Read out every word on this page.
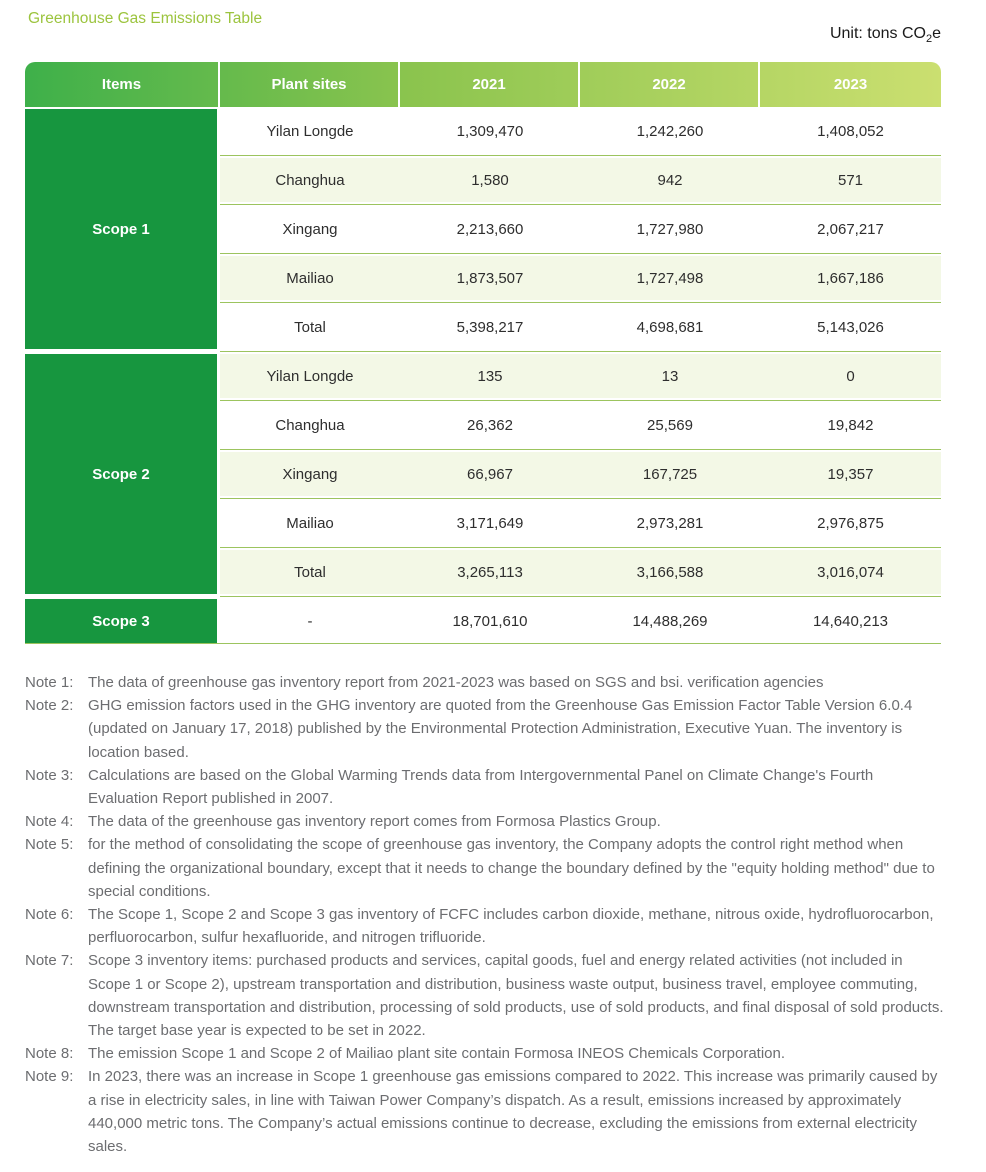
Greenhouse Gas Emissions Table
Unit: tons $CO_2e$
Items	Plant sites	2021	2022	2023
Scope 1
Yilan Longde	1,309,470	1,242,260	1,408,052
Changhua	1,580	942	571
Xingang	2,213,660	1,727,980	2,067,217
Mailiao	1,873,507	1,727,498	1,667,186
Total	5,398,217	4,698,681	5,143,026
Scope 2
Yilan Longde	135	13	0
Changhua	26,362	25,569	19,842
Xingang	66,967	167,725	19,357
Mailiao	3,171,649	2,973,281	2,976,875
Total	3,265,113	3,166,588	3,016,074
Scope 3	-	18,701,610	14,488,269	14,640,213
Note 1: The data of greenhouse gas inventory report from 2021-2023 was based on SGS and bsi. verification agencies
Note 2: GHG emission factors used in the GHG inventory are quoted from the Greenhouse Gas Emission Factor Table Version 6.0.4 (updated on January 17, 2018) published by the Environmental Protection Administration, Executive Yuan. The inventory is location based.
Note 3: Calculations are based on the Global Warming Trends data from Intergovernmental Panel on Climate Change's Fourth Evaluation Report published in 2007.
Note 4: The data of the greenhouse gas inventory report comes from Formosa Plastics Group.
Note 5: for the method of consolidating the scope of greenhouse gas inventory, the Company adopts the control right method when defining the organizational boundary, except that it needs to change the boundary defined by the "equity holding method" due to special conditions.
Note 6: The Scope 1, Scope 2 and Scope 3 gas inventory of FCFC includes carbon dioxide, methane, nitrous oxide, hydrofluorocarbon, perfluorocarbon, sulfur hexafluoride, and nitrogen trifluoride.
Note 7: Scope 3 inventory items: purchased products and services, capital goods, fuel and energy related activities (not included in Scope 1 or Scope 2), upstream transportation and distribution, business waste output, business travel, employee commuting, downstream transportation and distribution, processing of sold products, use of sold products, and final disposal of sold products. The target base year is expected to be set in 2022.
Note 8: The emission Scope 1 and Scope 2 of Mailiao plant site contain Formosa INEOS Chemicals Corporation.
Note 9: In 2023, there was an increase in Scope 1 greenhouse gas emissions compared to 2022. This increase was primarily caused by a rise in electricity sales, in line with Taiwan Power Company’s dispatch. As a result, emissions increased by approximately 440,000 metric tons. The Company’s actual emissions continue to decrease, excluding the emissions from external electricity sales.
